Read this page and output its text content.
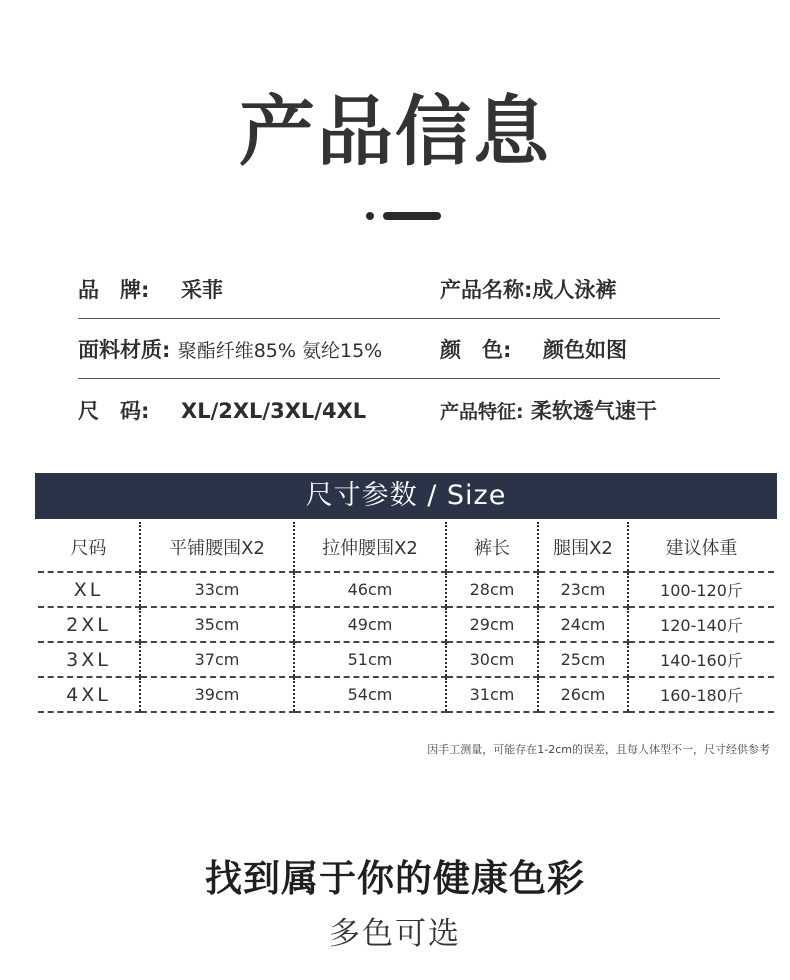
产品信息
品　牌: 采菲	产品名称:成人泳裤
面料材质: 聚酯纤维85% 氨纶15%	颜　色: 颜色如图
尺　码: XL/2XL/3XL/4XL	产品特征: 柔软透气速干
尺寸参数 / Size
尺码	平铺腰围X2	拉伸腰围X2	裤长	腿围X2	建议体重
XL	33cm	46cm	28cm	23cm	100-120斤
2XL	35cm	49cm	29cm	24cm	120-140斤
3XL	37cm	51cm	30cm	25cm	140-160斤
4XL	39cm	54cm	31cm	26cm	160-180斤
因手工测量，可能存在1-2cm的误差，且每人体型不一，尺寸经供参考
找到属于你的健康色彩
多色可选
